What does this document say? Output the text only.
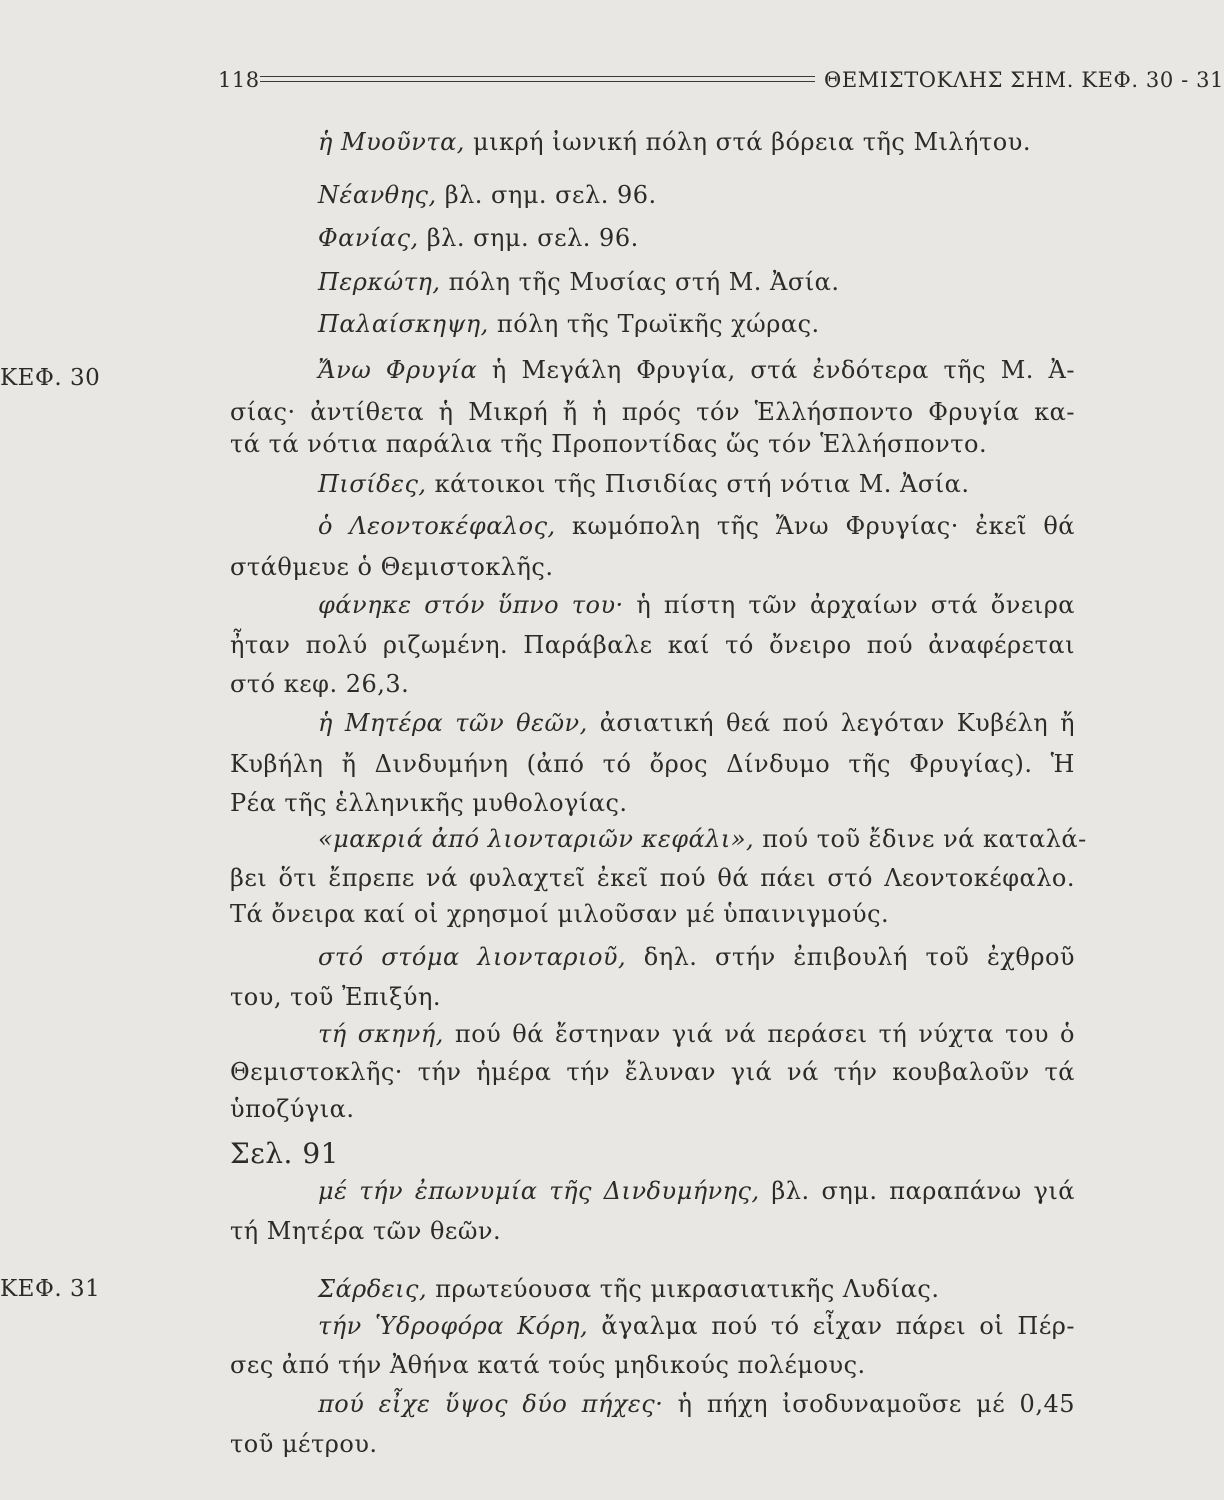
118	ΘΕΜΙΣΤΟΚΛΗΣ ΣΗΜ. ΚΕΦ. 30 - 31
ΚΕΦ. 30
ΚΕΦ. 31
ἡ Μυοῦντα, μικρή ἰωνική πόλη στά βόρεια τῆς Μιλήτου.
Νέανθης, βλ. σημ. σελ. 96.
Φανίας, βλ. σημ. σελ. 96.
Περκώτη, πόλη τῆς Μυσίας στή Μ. Ἀσία.
Παλαίσκηψη, πόλη τῆς Τρωϊκῆς χώρας.
Ἄνω Φρυγία ἡ Μεγάλη Φρυγία, στά ἐνδότερα τῆς Μ. Ἀ-
σίας· ἀντίθετα ἡ Μικρή ἤ ἡ πρός τόν Ἑλλήσποντο Φρυγία κα-
τά τά νότια παράλια τῆς Προποντίδας ὥς τόν Ἑλλήσποντο.
Πισίδες, κάτοικοι τῆς Πισιδίας στή νότια Μ. Ἀσία.
ὁ Λεοντοκέφαλος, κωμόπολη τῆς Ἄνω Φρυγίας· ἐκεῖ θά
στάθμευε ὁ Θεμιστοκλῆς.
φάνηκε στόν ὕπνο του· ἡ πίστη τῶν ἀρχαίων στά ὄνειρα
ἦταν πολύ ριζωμένη. Παράβαλε καί τό ὄνειρο πού ἀναφέρεται
στό κεφ. 26,3.
ἡ Μητέρα τῶν θεῶν, ἀσιατική θεά πού λεγόταν Κυβέλη ἤ
Κυβήλη ἤ Δινδυμήνη (ἀπό τό ὄρος Δίνδυμο τῆς Φρυγίας). Ἡ
Ρέα τῆς ἑλληνικῆς μυθολογίας.
«μακριά ἀπό λιονταριῶν κεφάλι», πού τοῦ ἔδινε νά καταλά-
βει ὅτι ἔπρεπε νά φυλαχτεῖ ἐκεῖ πού θά πάει στό Λεοντοκέφαλο.
Τά ὄνειρα καί οἱ χρησμοί μιλοῦσαν μέ ὑπαινιγμούς.
στό στόμα λιονταριοῦ, δηλ. στήν ἐπιβουλή τοῦ ἐχθροῦ
του, τοῦ Ἐπιξύη.
τή σκηνή, πού θά ἔστηναν γιά νά περάσει τή νύχτα του ὁ
Θεμιστοκλῆς· τήν ἡμέρα τήν ἔλυναν γιά νά τήν κουβαλοῦν τά
ὑποζύγια.
Σελ. 91
μέ τήν ἐπωνυμία τῆς Δινδυμήνης, βλ. σημ. παραπάνω γιά
τή Μητέρα τῶν θεῶν.
Σάρδεις, πρωτεύουσα τῆς μικρασιατικῆς Λυδίας.
τήν Ὑδροφόρα Κόρη, ἄγαλμα πού τό εἶχαν πάρει οἱ Πέρ-
σες ἀπό τήν Ἀθήνα κατά τούς μηδικούς πολέμους.
πού εἶχε ὕψος δύο πήχες· ἡ πήχη ἰσοδυναμοῦσε μέ 0,45
τοῦ μέτρου.
